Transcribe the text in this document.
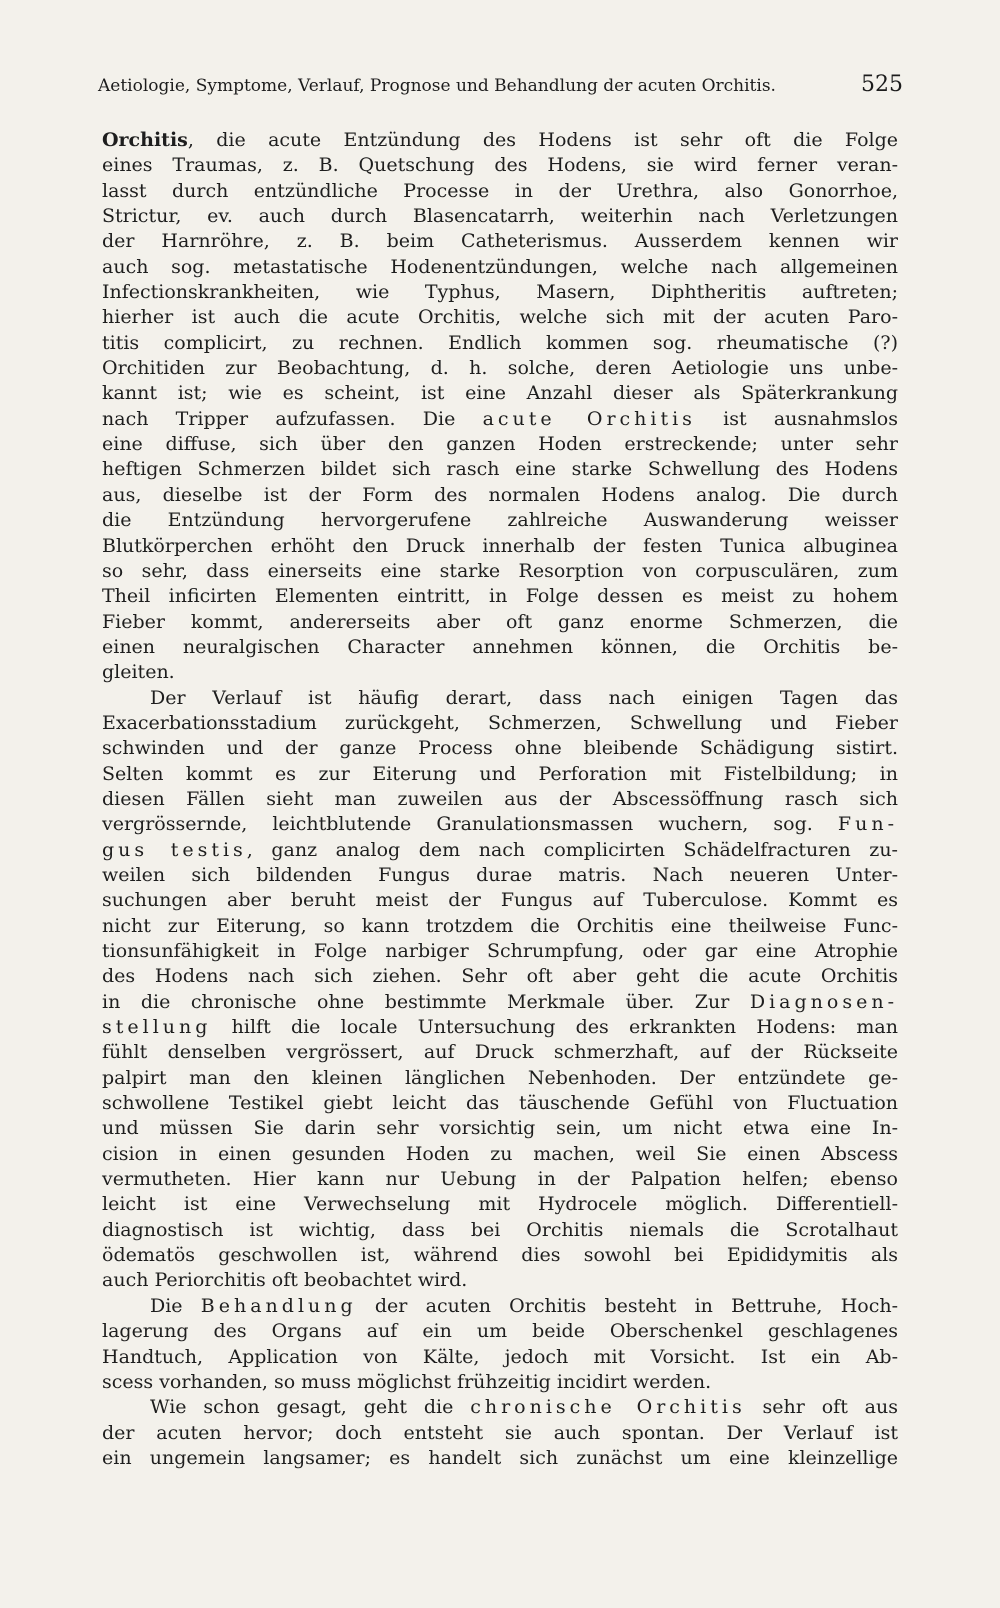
Aetiologie, Symptome, Verlauf, Prognose und Behandlung der acuten Orchitis.	525
Orchitis, die acute Entzündung des Hodens ist sehr oft die Folge
eines Traumas, z. B. Quetschung des Hodens, sie wird ferner veran-
lasst durch entzündliche Processe in der Urethra, also Gonorrhoe,
Strictur, ev. auch durch Blasencatarrh, weiterhin nach Verletzungen
der Harnröhre, z. B. beim Catheterismus. Ausserdem kennen wir
auch sog. metastatische Hodenentzündungen, welche nach allgemeinen
Infectionskrankheiten, wie Typhus, Masern, Diphtheritis auftreten;
hierher ist auch die acute Orchitis, welche sich mit der acuten Paro-
titis complicirt, zu rechnen. Endlich kommen sog. rheumatische (?)
Orchitiden zur Beobachtung, d. h. solche, deren Aetiologie uns unbe-
kannt ist; wie es scheint, ist eine Anzahl dieser als Späterkrankung
nach Tripper aufzufassen. Die acute Orchitis ist ausnahmslos
eine diffuse, sich über den ganzen Hoden erstreckende; unter sehr
heftigen Schmerzen bildet sich rasch eine starke Schwellung des Hodens
aus, dieselbe ist der Form des normalen Hodens analog. Die durch
die Entzündung hervorgerufene zahlreiche Auswanderung weisser
Blutkörperchen erhöht den Druck innerhalb der festen Tunica albuginea
so sehr, dass einerseits eine starke Resorption von corpusculären, zum
Theil inficirten Elementen eintritt, in Folge dessen es meist zu hohem
Fieber kommt, andererseits aber oft ganz enorme Schmerzen, die
einen neuralgischen Character annehmen können, die Orchitis be-
gleiten.
Der Verlauf ist häufig derart, dass nach einigen Tagen das
Exacerbationsstadium zurückgeht, Schmerzen, Schwellung und Fieber
schwinden und der ganze Process ohne bleibende Schädigung sistirt.
Selten kommt es zur Eiterung und Perforation mit Fistelbildung; in
diesen Fällen sieht man zuweilen aus der Abscessöffnung rasch sich
vergrössernde, leichtblutende Granulationsmassen wuchern, sog. Fun-
gus testis, ganz analog dem nach complicirten Schädelfracturen zu-
weilen sich bildenden Fungus durae matris. Nach neueren Unter-
suchungen aber beruht meist der Fungus auf Tuberculose. Kommt es
nicht zur Eiterung, so kann trotzdem die Orchitis eine theilweise Func-
tionsunfähigkeit in Folge narbiger Schrumpfung, oder gar eine Atrophie
des Hodens nach sich ziehen. Sehr oft aber geht die acute Orchitis
in die chronische ohne bestimmte Merkmale über. Zur Diagnosen-
stellung hilft die locale Untersuchung des erkrankten Hodens: man
fühlt denselben vergrössert, auf Druck schmerzhaft, auf der Rückseite
palpirt man den kleinen länglichen Nebenhoden. Der entzündete ge-
schwollene Testikel giebt leicht das täuschende Gefühl von Fluctuation
und müssen Sie darin sehr vorsichtig sein, um nicht etwa eine In-
cision in einen gesunden Hoden zu machen, weil Sie einen Abscess
vermutheten. Hier kann nur Uebung in der Palpation helfen; ebenso
leicht ist eine Verwechselung mit Hydrocele möglich. Differentiell-
diagnostisch ist wichtig, dass bei Orchitis niemals die Scrotalhaut
ödematös geschwollen ist, während dies sowohl bei Epididymitis als
auch Periorchitis oft beobachtet wird.
Die Behandlung der acuten Orchitis besteht in Bettruhe, Hoch-
lagerung des Organs auf ein um beide Oberschenkel geschlagenes
Handtuch, Application von Kälte, jedoch mit Vorsicht. Ist ein Ab-
scess vorhanden, so muss möglichst frühzeitig incidirt werden.
Wie schon gesagt, geht die chronische Orchitis sehr oft aus
der acuten hervor; doch entsteht sie auch spontan. Der Verlauf ist
ein ungemein langsamer; es handelt sich zunächst um eine kleinzellige
